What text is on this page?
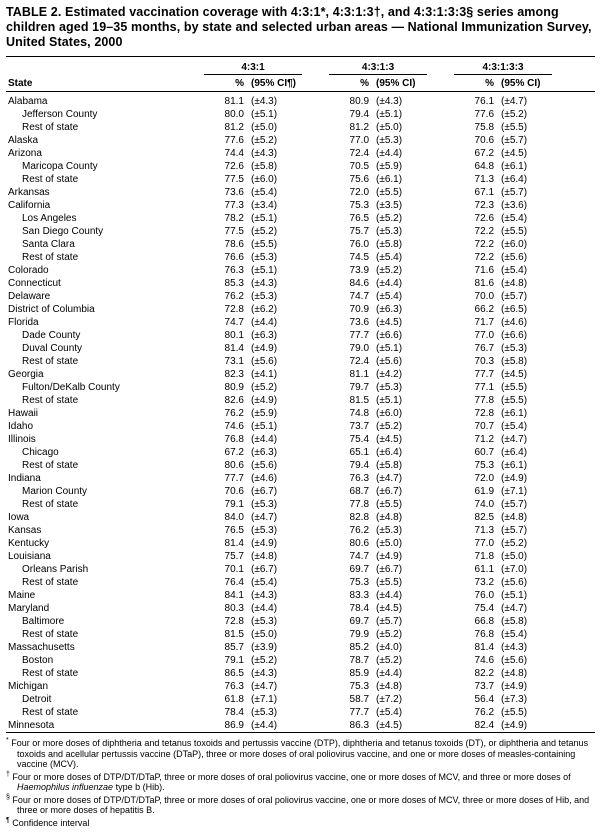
TABLE 2. Estimated vaccination coverage with 4:3:1*, 4:3:1:3†, and 4:3:1:3:3§ series among children aged 19–35 months, by state and selected urban areas — National Immunization Survey, United States, 2000
	4:3:1			4:3:1:3			4:3:1:3:3		
State	%	(95% CI¶)		%	(95% CI)		%	(95% CI)	
Alabama	81.1	(±4.3)		80.9	(±4.3)		76.1	(±4.7)	
Jefferson County	80.0	(±5.1)		79.4	(±5.1)		77.6	(±5.2)	
Rest of state	81.2	(±5.0)		81.2	(±5.0)		75.8	(±5.5)	
Alaska	77.6	(±5.2)		77.0	(±5.3)		70.6	(±5.7)	
Arizona	74.4	(±4.3)		72.4	(±4.4)		67.2	(±4.5)	
Maricopa County	72.6	(±5.8)		70.5	(±5.9)		64.8	(±6.1)	
Rest of state	77.5	(±6.0)		75.6	(±6.1)		71.3	(±6.4)	
Arkansas	73.6	(±5.4)		72.0	(±5.5)		67.1	(±5.7)	
California	77.3	(±3.4)		75.3	(±3.5)		72.3	(±3.6)	
Los Angeles	78.2	(±5.1)		76.5	(±5.2)		72.6	(±5.4)	
San Diego County	77.5	(±5.2)		75.7	(±5.3)		72.2	(±5.5)	
Santa Clara	78.6	(±5.5)		76.0	(±5.8)		72.2	(±6.0)	
Rest of state	76.6	(±5.3)		74.5	(±5.4)		72.2	(±5.6)	
Colorado	76.3	(±5.1)		73.9	(±5.2)		71.6	(±5.4)	
Connecticut	85.3	(±4.3)		84.6	(±4.4)		81.6	(±4.8)	
Delaware	76.2	(±5.3)		74.7	(±5.4)		70.0	(±5.7)	
District of Columbia	72.8	(±6.2)		70.9	(±6.3)		66.2	(±6.5)	
Florida	74.7	(±4.4)		73.6	(±4.5)		71.7	(±4.6)	
Dade County	80.1	(±6.3)		77.7	(±6.6)		77.0	(±6.6)	
Duval County	81.4	(±4.9)		79.0	(±5.1)		76.7	(±5.3)	
Rest of state	73.1	(±5.6)		72.4	(±5.6)		70.3	(±5.8)	
Georgia	82.3	(±4.1)		81.1	(±4.2)		77.7	(±4.5)	
Fulton/DeKalb County	80.9	(±5.2)		79.7	(±5.3)		77.1	(±5.5)	
Rest of state	82.6	(±4.9)		81.5	(±5.1)		77.8	(±5.5)	
Hawaii	76.2	(±5.9)		74.8	(±6.0)		72.8	(±6.1)	
Idaho	74.6	(±5.1)		73.7	(±5.2)		70.7	(±5.4)	
Illinois	76.8	(±4.4)		75.4	(±4.5)		71.2	(±4.7)	
Chicago	67.2	(±6.3)		65.1	(±6.4)		60.7	(±6.4)	
Rest of state	80.6	(±5.6)		79.4	(±5.8)		75.3	(±6.1)	
Indiana	77.7	(±4.6)		76.3	(±4.7)		72.0	(±4.9)	
Marion County	70.6	(±6.7)		68.7	(±6.7)		61.9	(±7.1)	
Rest of state	79.1	(±5.3)		77.8	(±5.5)		74.0	(±5.7)	
Iowa	84.0	(±4.7)		82.8	(±4.8)		82.5	(±4.8)	
Kansas	76.5	(±5.3)		76.2	(±5.3)		71.3	(±5.7)	
Kentucky	81.4	(±4.9)		80.6	(±5.0)		77.0	(±5.2)	
Louisiana	75.7	(±4.8)		74.7	(±4.9)		71.8	(±5.0)	
Orleans Parish	70.1	(±6.7)		69.7	(±6.7)		61.1	(±7.0)	
Rest of state	76.4	(±5.4)		75.3	(±5.5)		73.2	(±5.6)	
Maine	84.1	(±4.3)		83.3	(±4.4)		76.0	(±5.1)	
Maryland	80.3	(±4.4)		78.4	(±4.5)		75.4	(±4.7)	
Baltimore	72.8	(±5.3)		69.7	(±5.7)		66.8	(±5.8)	
Rest of state	81.5	(±5.0)		79.9	(±5.2)		76.8	(±5.4)	
Massachusetts	85.7	(±3.9)		85.2	(±4.0)		81.4	(±4.3)	
Boston	79.1	(±5.2)		78.7	(±5.2)		74.6	(±5.6)	
Rest of state	86.5	(±4.3)		85.9	(±4.4)		82.2	(±4.8)	
Michigan	76.3	(±4.7)		75.3	(±4.8)		73.7	(±4.9)	
Detroit	61.8	(±7.1)		58.7	(±7.2)		56.4	(±7.3)	
Rest of state	78.4	(±5.3)		77.7	(±5.4)		76.2	(±5.5)	
Minnesota	86.9	(±4.4)		86.3	(±4.5)		82.4	(±4.9)	
* Four or more doses of diphtheria and tetanus toxoids and pertussis vaccine (DTP), diphtheria and tetanus toxoids (DT), or diphtheria and tetanus toxoids and acellular pertussis vaccine (DTaP), three or more doses of oral poliovirus vaccine, and one or more doses of measles-containing vaccine (MCV).
† Four or more doses of DTP/DT/DTaP, three or more doses of oral poliovirus vaccine, one or more doses of MCV, and three or more doses of Haemophilus influenzae type b (Hib).
§ Four or more doses of DTP/DT/DTaP, three or more doses of oral poliovirus vaccine, one or more doses of MCV, three or more doses of Hib, and three or more doses of hepatitis B.
¶ Confidence interval
